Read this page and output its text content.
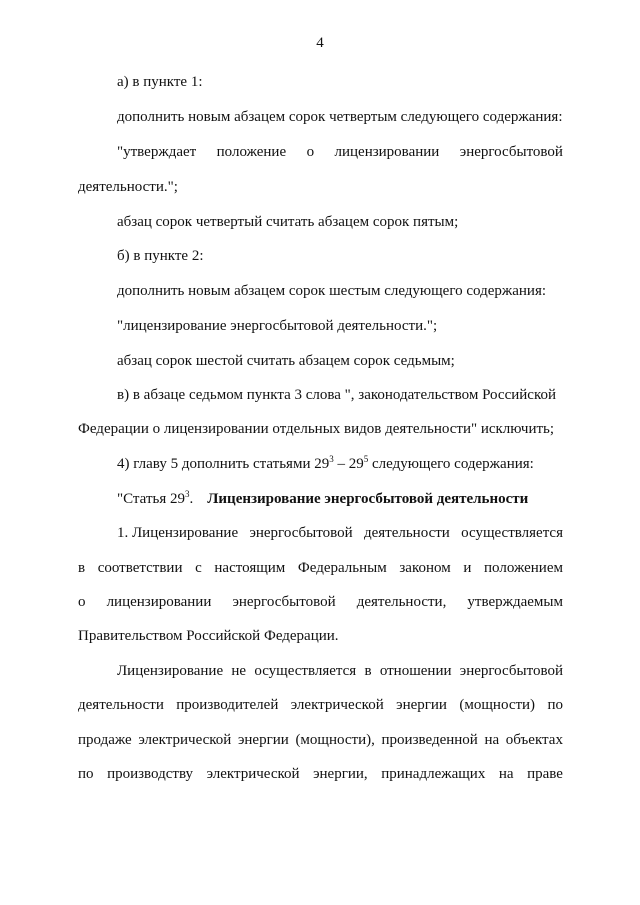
4
а) в пункте 1:
дополнить новым абзацем сорок четвертым следующего содержания:
"утверждает положение о лицензировании энергосбытовой
деятельности.";
абзац сорок четвертый считать абзацем сорок пятым;
б) в пункте 2:
дополнить новым абзацем сорок шестым следующего содержания:
"лицензирование энергосбытовой деятельности.";
абзац сорок шестой считать абзацем сорок седьмым;
в) в абзаце седьмом пункта 3 слова ", законодательством Российской
Федерации о лицензировании отдельных видов деятельности" исключить;
4) главу 5 дополнить статьями $29^3 - 29^5$ следующего содержания:
"Статья $29^3$. Лицензирование энергосбытовой деятельности
1. Лицензирование энергосбытовой деятельности осуществляется
в соответствии с настоящим Федеральным законом и положением
о лицензировании энергосбытовой деятельности, утверждаемым
Правительством Российской Федерации.
Лицензирование не осуществляется в отношении энергосбытовой
деятельности производителей электрической энергии (мощности) по
продаже электрической энергии (мощности), произведенной на объектах
по производству электрической энергии, принадлежащих на праве
